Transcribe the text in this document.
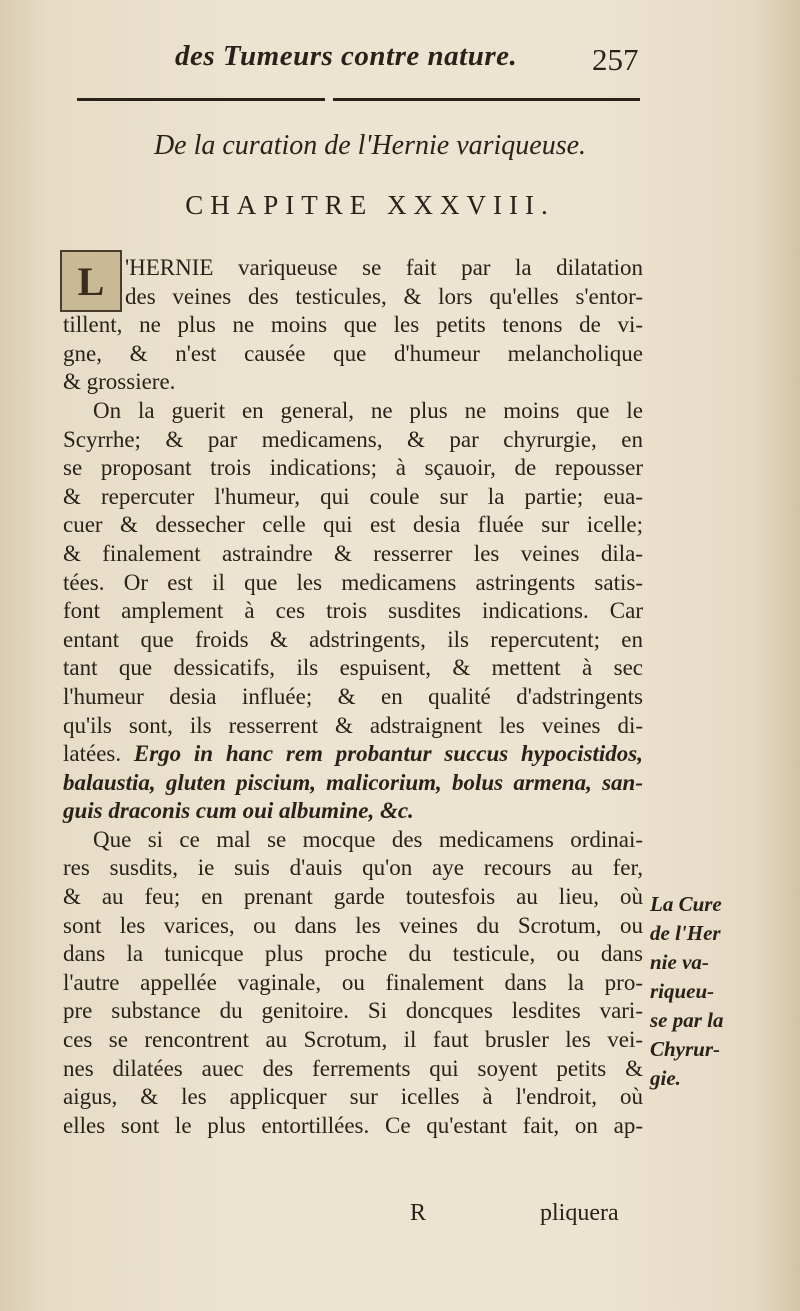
des Tumeurs contre nature. 257
De la curation de l'Hernie variqueuse.
CHAPITRE XXXVIII.
L 'HERNIE variqueuse se fait par la dilatation
des veines des testicules, & lors qu'elles s'entor-
tillent, ne plus ne moins que les petits tenons de vi-
gne, & n'est causée que d'humeur melancholique
& grossiere.
On la guerit en general, ne plus ne moins que le
Scyrrhe; & par medicamens, & par chyrurgie, en
se proposant trois indications; à sçauoir, de repousser
& repercuter l'humeur, qui coule sur la partie; eua-
cuer & dessecher celle qui est desia fluée sur icelle;
& finalement astraindre & resserrer les veines dila-
tées. Or est il que les medicamens astringents satis-
font amplement à ces trois susdites indications. Car
entant que froids & adstringents, ils repercutent; en
tant que dessicatifs, ils espuisent, & mettent à sec
l'humeur desia influée; & en qualité d'adstringents
qu'ils sont, ils resserrent & adstraignent les veines di-
latées. Ergo in hanc rem probantur succus hypocistidos,
balaustia, gluten piscium, malicorium, bolus armena, san-
guis draconis cum oui albumine, &c.
Que si ce mal se mocque des medicamens ordinai-
res susdits, ie suis d'auis qu'on aye recours au fer,
& au feu; en prenant garde toutesfois au lieu, où
sont les varices, ou dans les veines du Scrotum, ou
dans la tunicque plus proche du testicule, ou dans
l'autre appellée vaginale, ou finalement dans la pro-
pre substance du genitoire. Si doncques lesdites vari-
ces se rencontrent au Scrotum, il faut brusler les vei-
nes dilatées auec des ferrements qui soyent petits &
aigus, & les applicquer sur icelles à l'endroit, où
elles sont le plus entortillées. Ce qu'estant fait, on ap-
La Cure
de l'Her
nie va-
riqueu-
se par la
Chyrur-
gie.
R	pliquera
